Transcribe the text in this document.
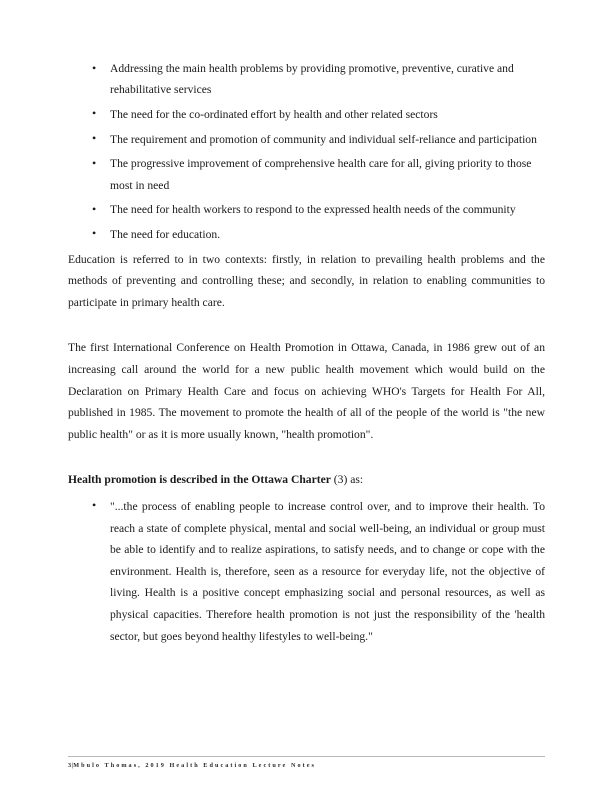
• Addressing the main health problems by providing promotive, preventive, curative and rehabilitative services
• The need for the co-ordinated effort by health and other related sectors
• The requirement and promotion of community and individual self-reliance and participation
• The progressive improvement of comprehensive health care for all, giving priority to those most in need
• The need for health workers to respond to the expressed health needs of the community
• The need for education.

Education is referred to in two contexts: firstly, in relation to prevailing health problems and the methods of preventing and controlling these; and secondly, in relation to enabling communities to participate in primary health care.

The first International Conference on Health Promotion in Ottawa, Canada, in 1986 grew out of an increasing call around the world for a new public health movement which would build on the Declaration on Primary Health Care and focus on achieving WHO's Targets for Health For All, published in 1985. The movement to promote the health of all of the people of the world is "the new public health" or as it is more usually known, "health promotion".

Health promotion is described in the Ottawa Charter (3) as:

• "...the process of enabling people to increase control over, and to improve their health. To reach a state of complete physical, mental and social well-being, an individual or group must be able to identify and to realize aspirations, to satisfy needs, and to change or cope with the environment. Health is, therefore, seen as a resource for everyday life, not the objective of living. Health is a positive concept emphasizing social and personal resources, as well as physical capacities. Therefore health promotion is not just the responsibility of the 'health sector, but goes beyond healthy lifestyles to well-being."
3|Mbulo Thomas, 2019 Health Education Lecture Notes
